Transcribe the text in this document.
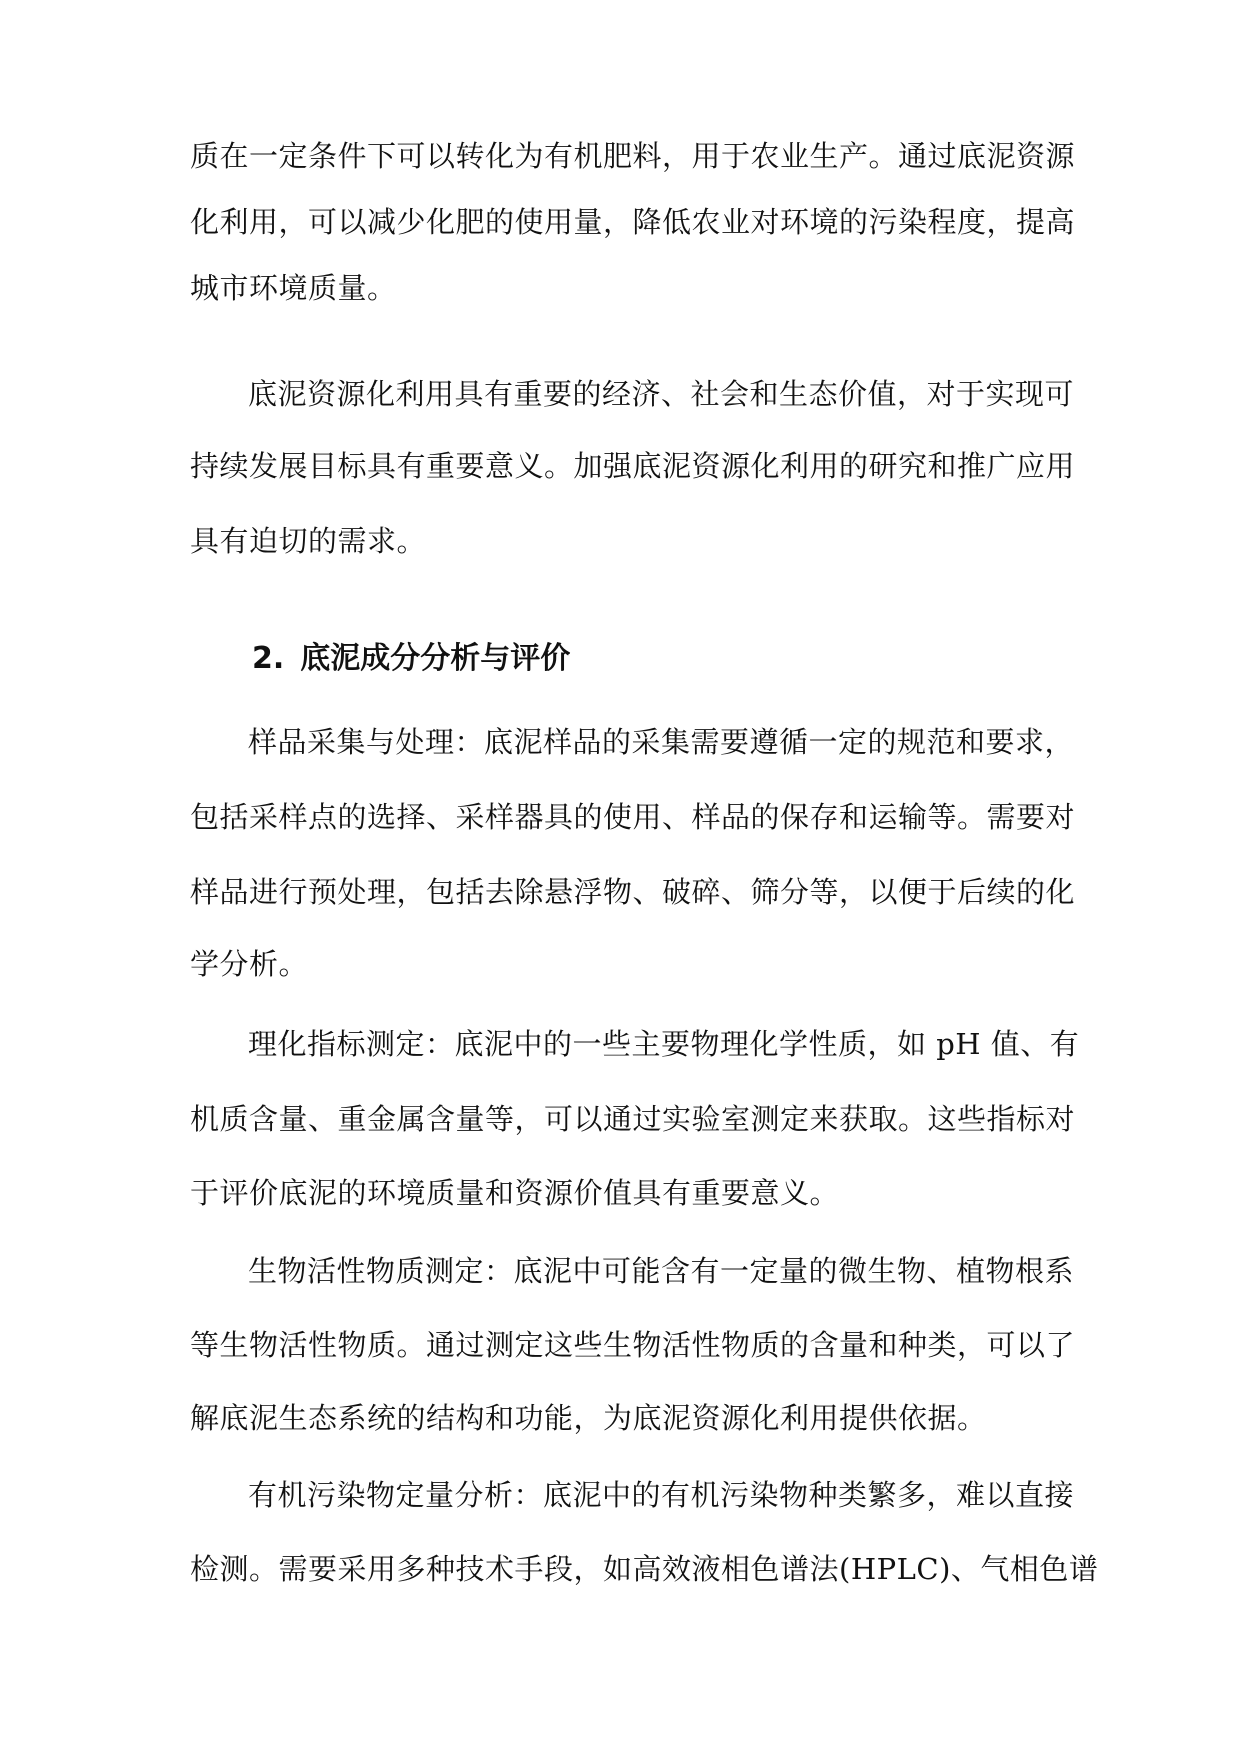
质在一定条件下可以转化为有机肥料，用于农业生产。通过底泥资源
化利用，可以减少化肥的使用量，降低农业对环境的污染程度，提高
城市环境质量。
底泥资源化利用具有重要的经济、社会和生态价值，对于实现可
持续发展目标具有重要意义。加强底泥资源化利用的研究和推广应用
具有迫切的需求。
2. 底泥成分分析与评价
样品采集与处理：底泥样品的采集需要遵循一定的规范和要求，
包括采样点的选择、采样器具的使用、样品的保存和运输等。需要对
样品进行预处理，包括去除悬浮物、破碎、筛分等，以便于后续的化
学分析。
理化指标测定：底泥中的一些主要物理化学性质，如 pH 值、有
机质含量、重金属含量等，可以通过实验室测定来获取。这些指标对
于评价底泥的环境质量和资源价值具有重要意义。
生物活性物质测定：底泥中可能含有一定量的微生物、植物根系
等生物活性物质。通过测定这些生物活性物质的含量和种类，可以了
解底泥生态系统的结构和功能，为底泥资源化利用提供依据。
有机污染物定量分析：底泥中的有机污染物种类繁多，难以直接
检测。需要采用多种技术手段，如高效液相色谱法(HPLC)、气相色谱
